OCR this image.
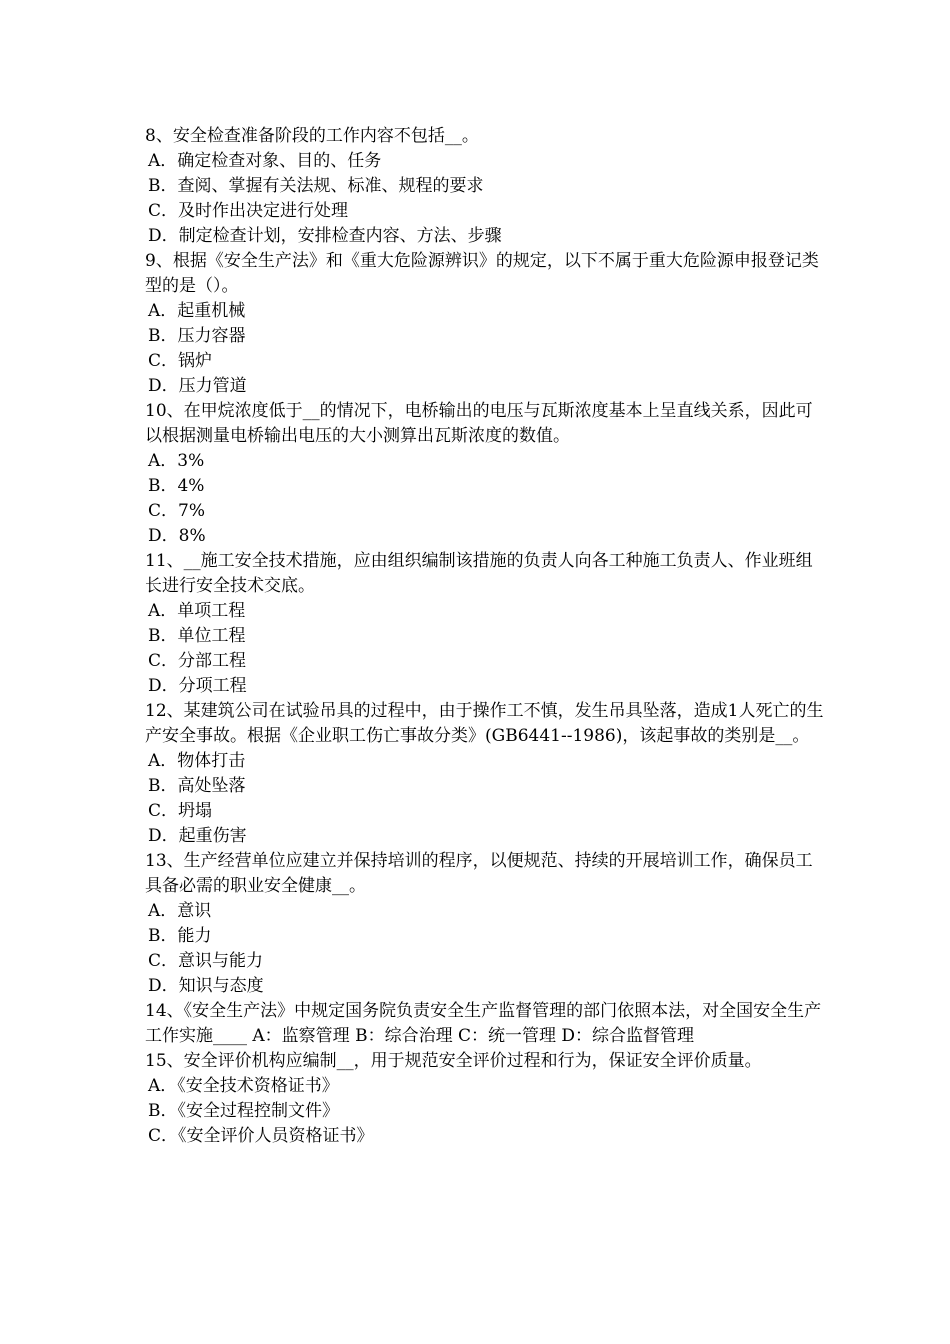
8、安全检查准备阶段的工作内容不包括__。
A．确定检查对象、目的、任务
B．查阅、掌握有关法规、标准、规程的要求
C．及时作出决定进行处理
D．制定检查计划，安排检查内容、方法、步骤
9、根据《安全生产法》和《重大危险源辨识》的规定，以下不属于重大危险源申报登记类型的是（）。
A．起重机械
B．压力容器
C．锅炉
D．压力管道
10、在甲烷浓度低于__的情况下，电桥输出的电压与瓦斯浓度基本上呈直线关系，因此可以根据测量电桥输出电压的大小测算出瓦斯浓度的数值。
A．3%
B．4%
C．7%
D．8%
11、__施工安全技术措施，应由组织编制该措施的负责人向各工种施工负责人、作业班组长进行安全技术交底。
A．单项工程
B．单位工程
C．分部工程
D．分项工程
12、某建筑公司在试验吊具的过程中，由于操作工不慎，发生吊具坠落，造成1人死亡的生产安全事故。根据《企业职工伤亡事故分类》(GB6441--1986)，该起事故的类别是__。
A．物体打击
B．高处坠落
C．坍塌
D．起重伤害
13、生产经营单位应建立并保持培训的程序，以便规范、持续的开展培训工作，确保员工具备必需的职业安全健康__。
A．意识
B．能力
C．意识与能力
D．知识与态度
14、《安全生产法》中规定国务院负责安全生产监督管理的部门依照本法，对全国安全生产工作实施____ A：监察管理 B：综合治理 C：统一管理 D：综合监督管理
15、安全评价机构应编制__，用于规范安全评价过程和行为，保证安全评价质量。
A．《安全技术资格证书》
B．《安全过程控制文件》
C．《安全评价人员资格证书》
